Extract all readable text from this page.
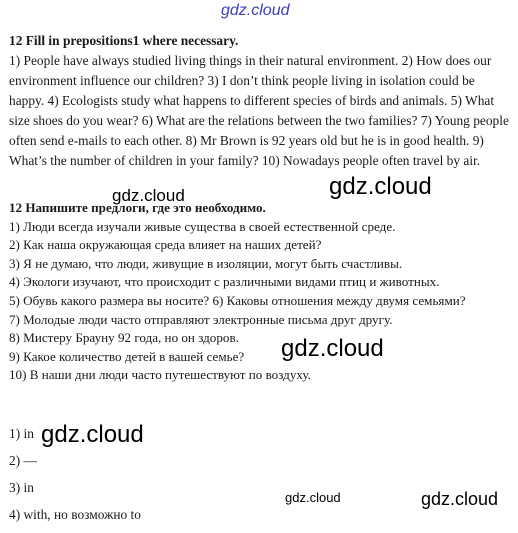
gdz.cloud
12 Fill in prepositions1 where necessary.
1) People have always studied living things in their natural environment. 2) How does our environment influence our children? 3) I don’t think people living in isolation could be happy. 4) Ecologists study what happens to different species of birds and animals. 5) What size shoes do you wear? 6) What are the relations between the two families? 7) Young people often send e-mails to each other. 8) Mr Brown is 92 years old but he is in good health. 9) What’s the number of children in your family? 10) Nowadays people often travel by air.
12 Напишите предлоги, где это необходимо.
1) Люди всегда изучали живые существа в своей естественной среде.
2) Как наша окружающая среда влияет на наших детей?
3) Я не думаю, что люди, живущие в изоляции, могут быть счастливы.
4) Экологи изучают, что происходит с различными видами птиц и животных.
5) Обувь какого размера вы носите? 6) Каковы отношения между двумя семьями?
7) Молодые люди часто отправляют электронные письма друг другу.
8) Мистеру Брауну 92 года, но он здоров.
9) Какое количество детей в вашей семье?
10) В наши дни люди часто путешествуют по воздуху.
1) in
2) —
3) in
4) with, но возможно to
gdz.cloud	gdz.cloud
gdz.cloud
gdz.cloud
gdz.cloud	gdz.cloud
